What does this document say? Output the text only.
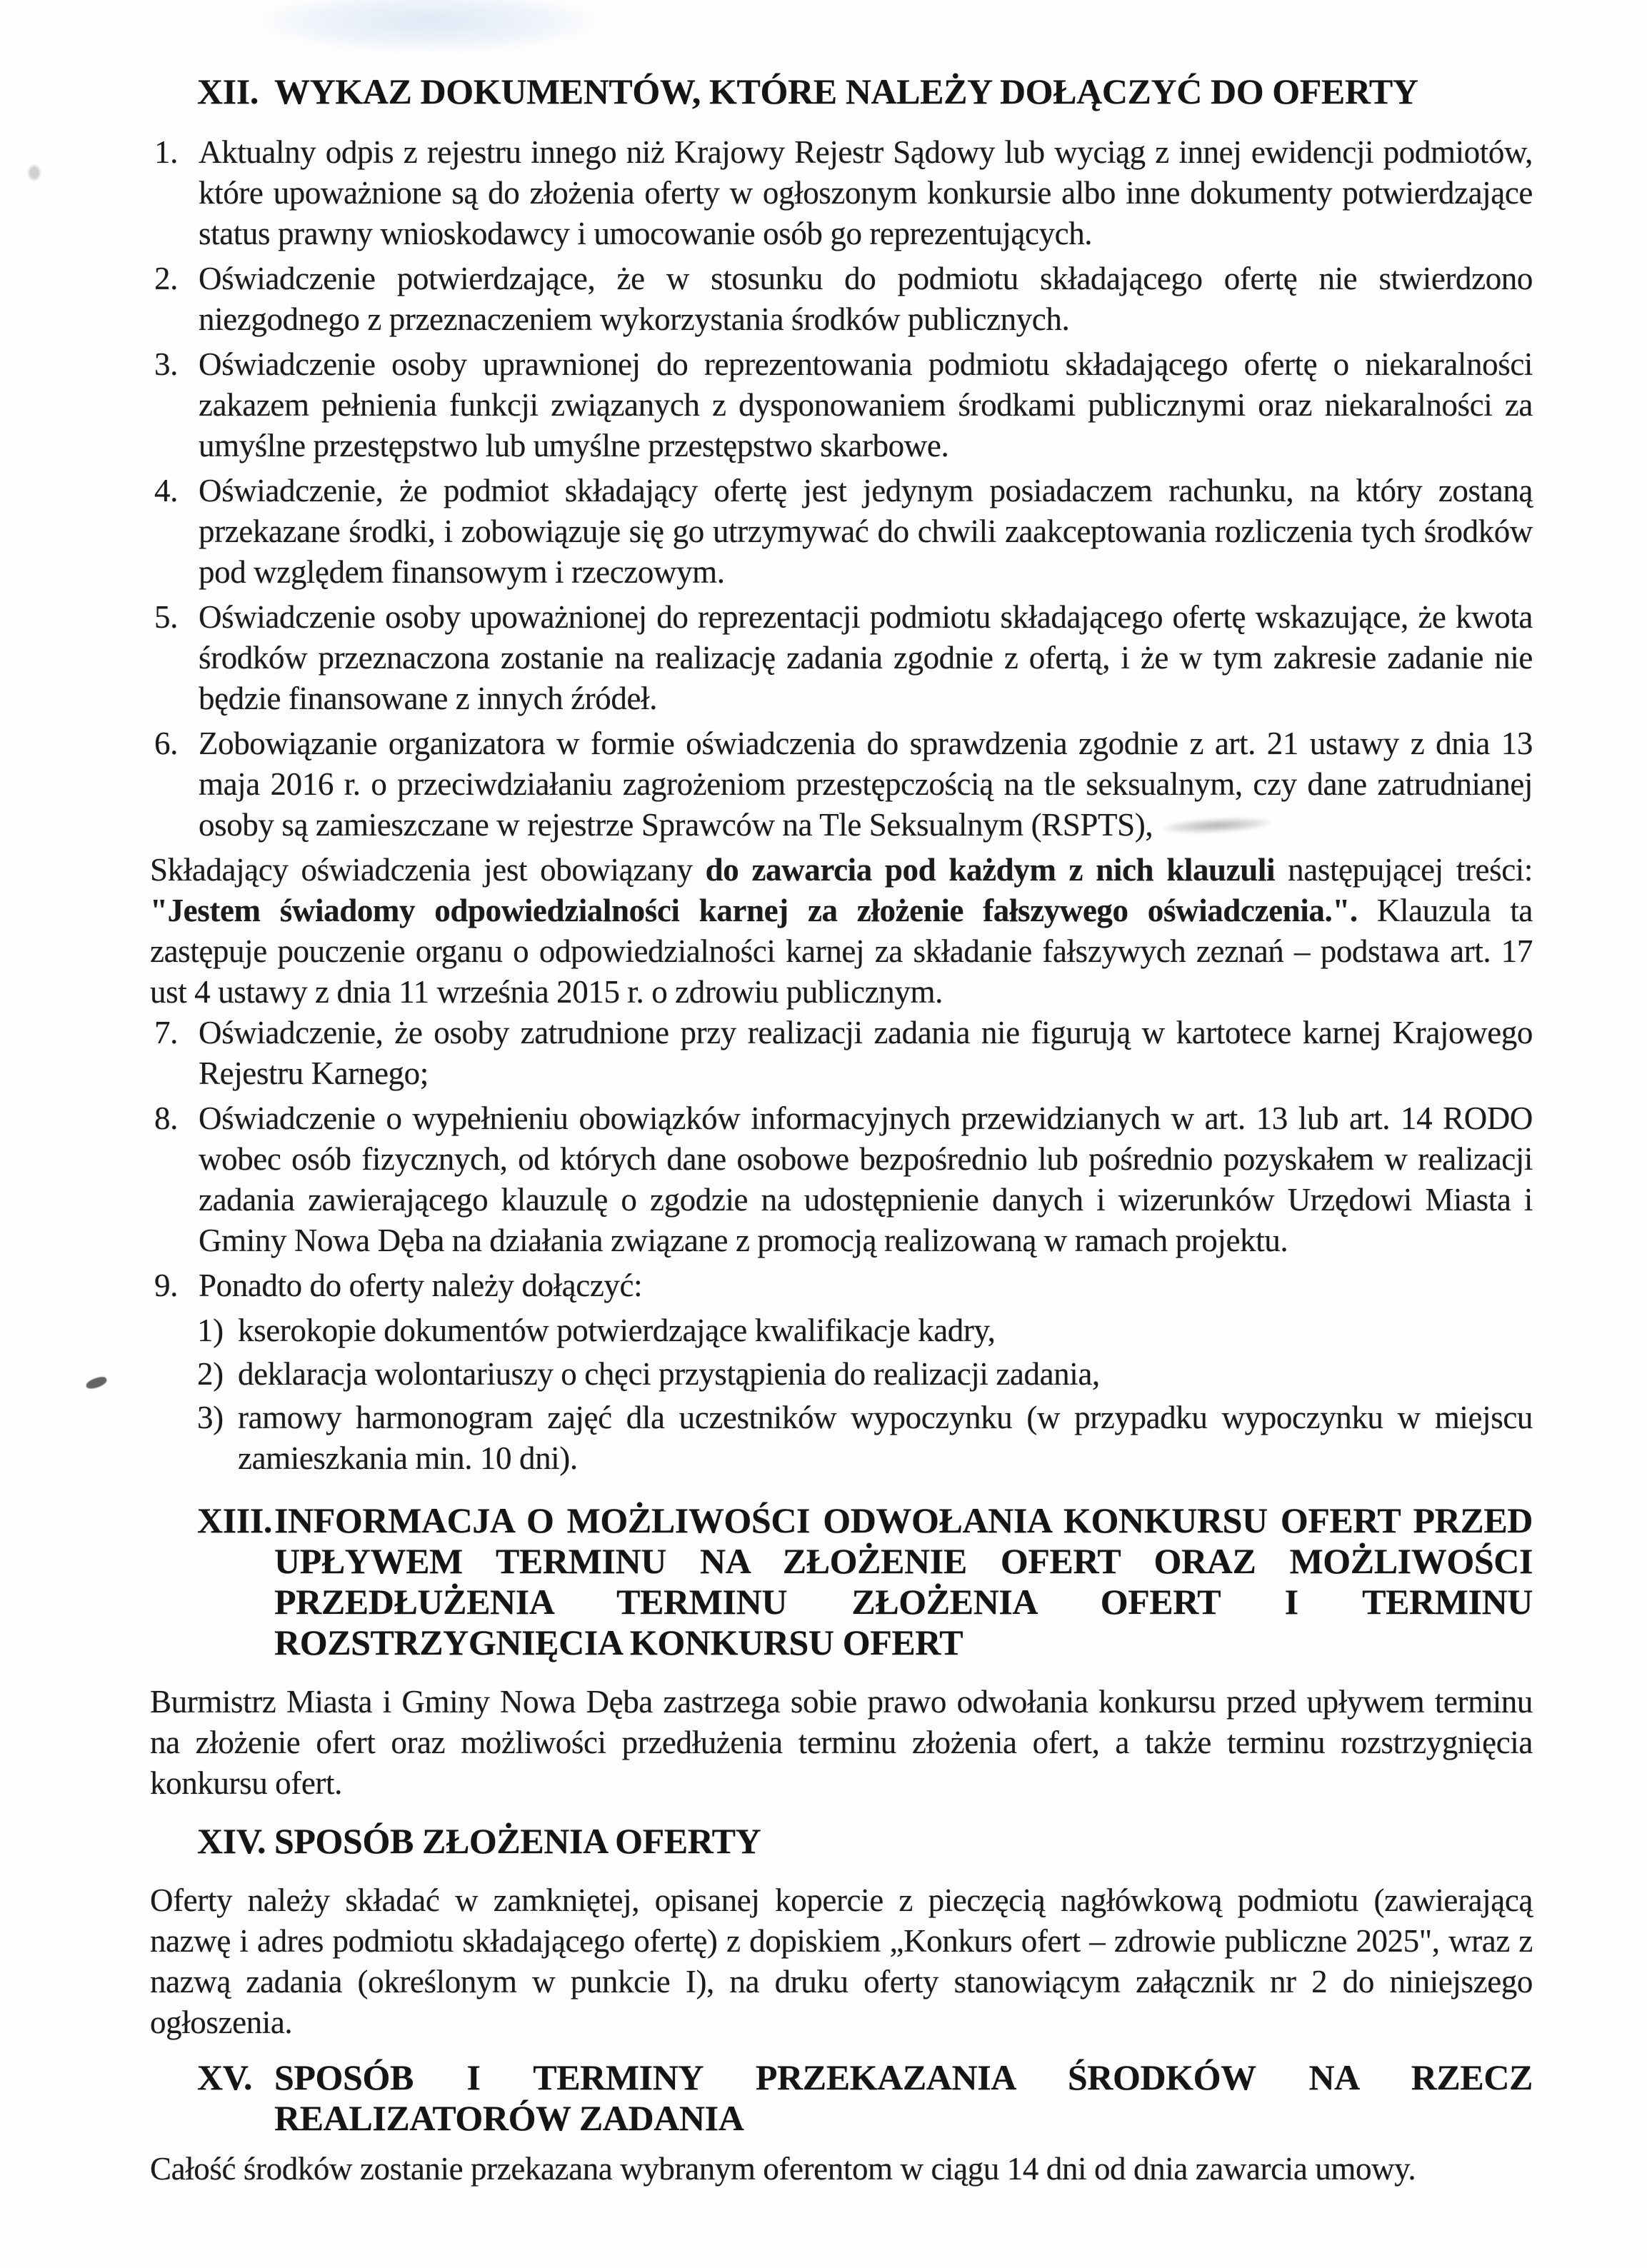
XII. WYKAZ DOKUMENTÓW, KTÓRE NALEŻY DOŁĄCZYĆ DO OFERTY
1. Aktualny odpis z rejestru innego niż Krajowy Rejestr Sądowy lub wyciąg z innej ewidencji podmiotów, które upoważnione są do złożenia oferty w ogłoszonym konkursie albo inne dokumenty potwierdzające status prawny wnioskodawcy i umocowanie osób go reprezentujących.
2. Oświadczenie potwierdzające, że w stosunku do podmiotu składającego ofertę nie stwierdzono niezgodnego z przeznaczeniem wykorzystania środków publicznych.
3. Oświadczenie osoby uprawnionej do reprezentowania podmiotu składającego ofertę o niekaralności zakazem pełnienia funkcji związanych z dysponowaniem środkami publicznymi oraz niekaralności za umyślne przestępstwo lub umyślne przestępstwo skarbowe.
4. Oświadczenie, że podmiot składający ofertę jest jedynym posiadaczem rachunku, na który zostaną przekazane środki, i zobowiązuje się go utrzymywać do chwili zaakceptowania rozliczenia tych środków pod względem finansowym i rzeczowym.
5. Oświadczenie osoby upoważnionej do reprezentacji podmiotu składającego ofertę wskazujące, że kwota środków przeznaczona zostanie na realizację zadania zgodnie z ofertą, i że w tym zakresie zadanie nie będzie finansowane z innych źródeł.
6. Zobowiązanie organizatora w formie oświadczenia do sprawdzenia zgodnie z art. 21 ustawy z dnia 13 maja 2016 r. o przeciwdziałaniu zagrożeniom przestępczością na tle seksualnym, czy dane zatrudnianej osoby są zamieszczane w rejestrze Sprawców na Tle Seksualnym (RSPTS),

Składający oświadczenia jest obowiązany do zawarcia pod każdym z nich klauzuli następującej treści: "Jestem świadomy odpowiedzialności karnej za złożenie fałszywego oświadczenia.". Klauzula ta zastępuje pouczenie organu o odpowiedzialności karnej za składanie fałszywych zeznań – podstawa art. 17 ust 4 ustawy z dnia 11 września 2015 r. o zdrowiu publicznym.

7. Oświadczenie, że osoby zatrudnione przy realizacji zadania nie figurują w kartotece karnej Krajowego Rejestru Karnego;
8. Oświadczenie o wypełnieniu obowiązków informacyjnych przewidzianych w art. 13 lub art. 14 RODO wobec osób fizycznych, od których dane osobowe bezpośrednio lub pośrednio pozyskałem w realizacji zadania zawierającego klauzulę o zgodzie na udostępnienie danych i wizerunków Urzędowi Miasta i Gminy Nowa Dęba na działania związane z promocją realizowaną w ramach projektu.
9. Ponadto do oferty należy dołączyć:
1) kserokopie dokumentów potwierdzające kwalifikacje kadry,
2) deklaracja wolontariuszy o chęci przystąpienia do realizacji zadania,
3) ramowy harmonogram zajęć dla uczestników wypoczynku (w przypadku wypoczynku w miejscu zamieszkania min. 10 dni).
XIII. INFORMACJA O MOŻLIWOŚCI ODWOŁANIA KONKURSU OFERT PRZED UPŁYWEM TERMINU NA ZŁOŻENIE OFERT ORAZ MOŻLIWOŚCI PRZEDŁUŻENIA TERMINU ZŁOŻENIA OFERT I TERMINU ROZSTRZYGNIĘCIA KONKURSU OFERT

Burmistrz Miasta i Gminy Nowa Dęba zastrzega sobie prawo odwołania konkursu przed upływem terminu na złożenie ofert oraz możliwości przedłużenia terminu złożenia ofert, a także terminu rozstrzygnięcia konkursu ofert.

XIV. SPOSÓB ZŁOŻENIA OFERTY

Oferty należy składać w zamkniętej, opisanej kopercie z pieczęcią nagłówkową podmiotu (zawierającą nazwę i adres podmiotu składającego ofertę) z dopiskiem „Konkurs ofert – zdrowie publiczne 2025", wraz z nazwą zadania (określonym w punkcie I), na druku oferty stanowiącym załącznik nr 2 do niniejszego ogłoszenia.

XV. SPOSÓB I TERMINY PRZEKAZANIA ŚRODKÓW NA RZECZ REALIZATORÓW ZADANIA

Całość środków zostanie przekazana wybranym oferentom w ciągu 14 dni od dnia zawarcia umowy.
